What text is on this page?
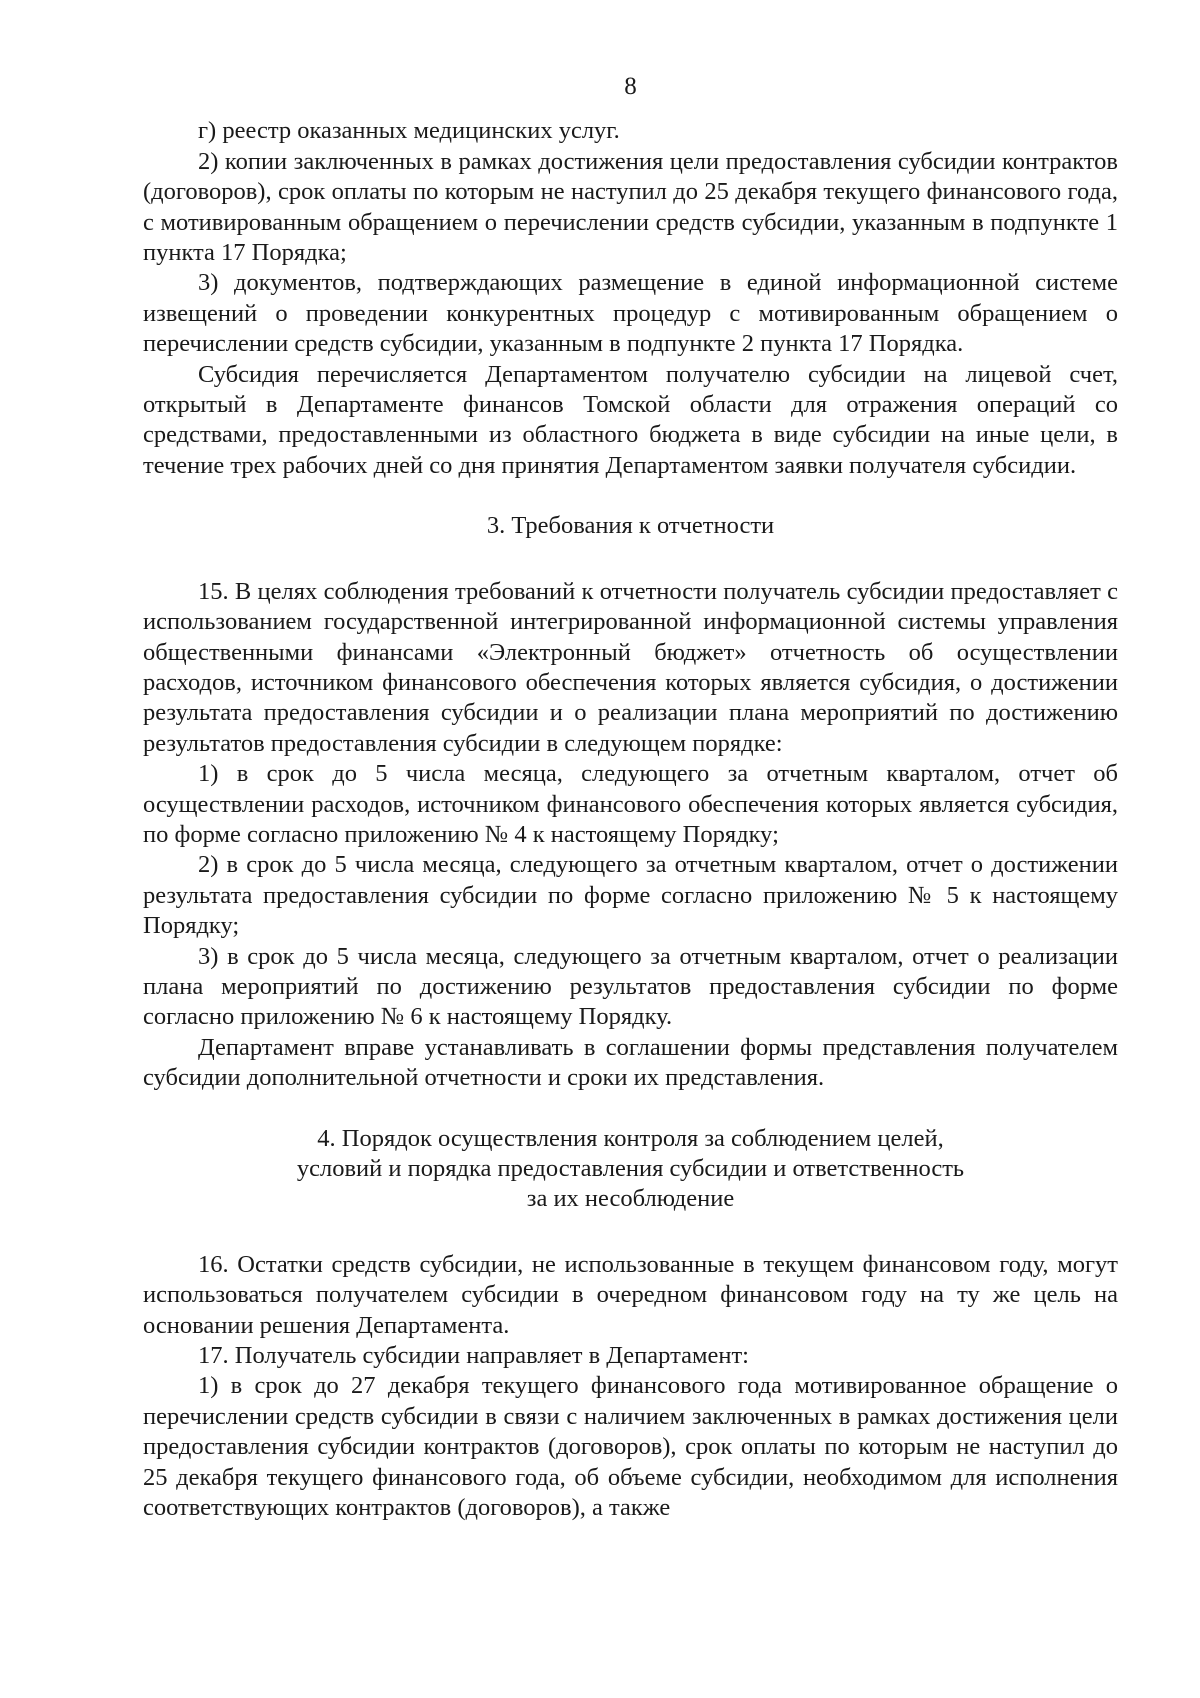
8

г) реестр оказанных медицинских услуг.

2) копии заключенных в рамках достижения цели предоставления субсидии контрактов (договоров), срок оплаты по которым не наступил до 25 декабря текущего финансового года, с мотивированным обращением о перечислении средств субсидии, указанным в подпункте 1 пункта 17 Порядка;

3) документов, подтверждающих размещение в единой информационной системе извещений о проведении конкурентных процедур с мотивированным обращением о перечислении средств субсидии, указанным в подпункте 2 пункта 17 Порядка.

Субсидия перечисляется Департаментом получателю субсидии на лицевой счет, открытый в Департаменте финансов Томской области для отражения операций со средствами, предоставленными из областного бюджета в виде субсидии на иные цели, в течение трех рабочих дней со дня принятия Департаментом заявки получателя субсидии.

3. Требования к отчетности

15. В целях соблюдения требований к отчетности получатель субсидии предоставляет с использованием государственной интегрированной информационной системы управления общественными финансами «Электронный бюджет» отчетность об осуществлении расходов, источником финансового обеспечения которых является субсидия, о достижении результата предоставления субсидии и о реализации плана мероприятий по достижению результатов предоставления субсидии в следующем порядке:

1) в срок до 5 числа месяца, следующего за отчетным кварталом, отчет об осуществлении расходов, источником финансового обеспечения которых является субсидия, по форме согласно приложению № 4 к настоящему Порядку;

2) в срок до 5 числа месяца, следующего за отчетным кварталом, отчет о достижении результата предоставления субсидии по форме согласно приложению № 5 к настоящему Порядку;

3) в срок до 5 числа месяца, следующего за отчетным кварталом, отчет о реализации плана мероприятий по достижению результатов предоставления субсидии по форме согласно приложению № 6 к настоящему Порядку.

Департамент вправе устанавливать в соглашении формы представления получателем субсидии дополнительной отчетности и сроки их представления.

4. Порядок осуществления контроля за соблюдением целей,
условий и порядка предоставления субсидии и ответственность
за их несоблюдение

16. Остатки средств субсидии, не использованные в текущем финансовом году, могут использоваться получателем субсидии в очередном финансовом году на ту же цель на основании решения Департамента.

17. Получатель субсидии направляет в Департамент:

1) в срок до 27 декабря текущего финансового года мотивированное обращение о перечислении средств субсидии в связи с наличием заключенных в рамках достижения цели предоставления субсидии контрактов (договоров), срок оплаты по которым не наступил до 25 декабря текущего финансового года, об объеме субсидии, необходимом для исполнения соответствующих контрактов (договоров), а также
